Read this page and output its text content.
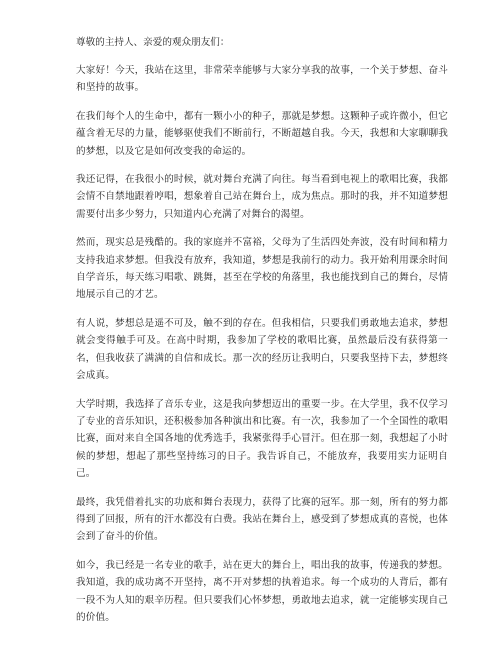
尊敬的主持人、亲爱的观众朋友们：

大家好！今天，我站在这里，非常荣幸能够与大家分享我的故事，一个关于梦想、奋斗和坚持的故事。

在我们每个人的生命中，都有一颗小小的种子，那就是梦想。这颗种子或许微小，但它蕴含着无尽的力量，能够驱使我们不断前行，不断超越自我。今天，我想和大家聊聊我的梦想，以及它是如何改变我的命运的。

我还记得，在我很小的时候，就对舞台充满了向往。每当看到电视上的歌唱比赛，我都会情不自禁地跟着哼唱，想象着自己站在舞台上，成为焦点。那时的我，并不知道梦想需要付出多少努力，只知道内心充满了对舞台的渴望。

然而，现实总是残酷的。我的家庭并不富裕，父母为了生活四处奔波，没有时间和精力支持我追求梦想。但我没有放弃，我知道，梦想是我前行的动力。我开始利用课余时间自学音乐，每天练习唱歌、跳舞，甚至在学校的角落里，我也能找到自己的舞台，尽情地展示自己的才艺。

有人说，梦想总是遥不可及，触不到的存在。但我相信，只要我们勇敢地去追求，梦想就会变得触手可及。在高中时期，我参加了学校的歌唱比赛，虽然最后没有获得第一名，但我收获了满满的自信和成长。那一次的经历让我明白，只要我坚持下去，梦想终会成真。

大学时期，我选择了音乐专业，这是我向梦想迈出的重要一步。在大学里，我不仅学习了专业的音乐知识，还积极参加各种演出和比赛。有一次，我参加了一个全国性的歌唱比赛，面对来自全国各地的优秀选手，我紧张得手心冒汗。但在那一刻，我想起了小时候的梦想，想起了那些坚持练习的日子。我告诉自己，不能放弃，我要用实力证明自己。

最终，我凭借着扎实的功底和舞台表现力，获得了比赛的冠军。那一刻，所有的努力都得到了回报，所有的汗水都没有白费。我站在舞台上，感受到了梦想成真的喜悦，也体会到了奋斗的价值。

如今，我已经是一名专业的歌手，站在更大的舞台上，唱出我的故事，传递我的梦想。我知道，我的成功离不开坚持，离不开对梦想的执着追求。每一个成功的人背后，都有一段不为人知的艰辛历程。但只要我们心怀梦想，勇敢地去追求，就一定能够实现自己的价值。
